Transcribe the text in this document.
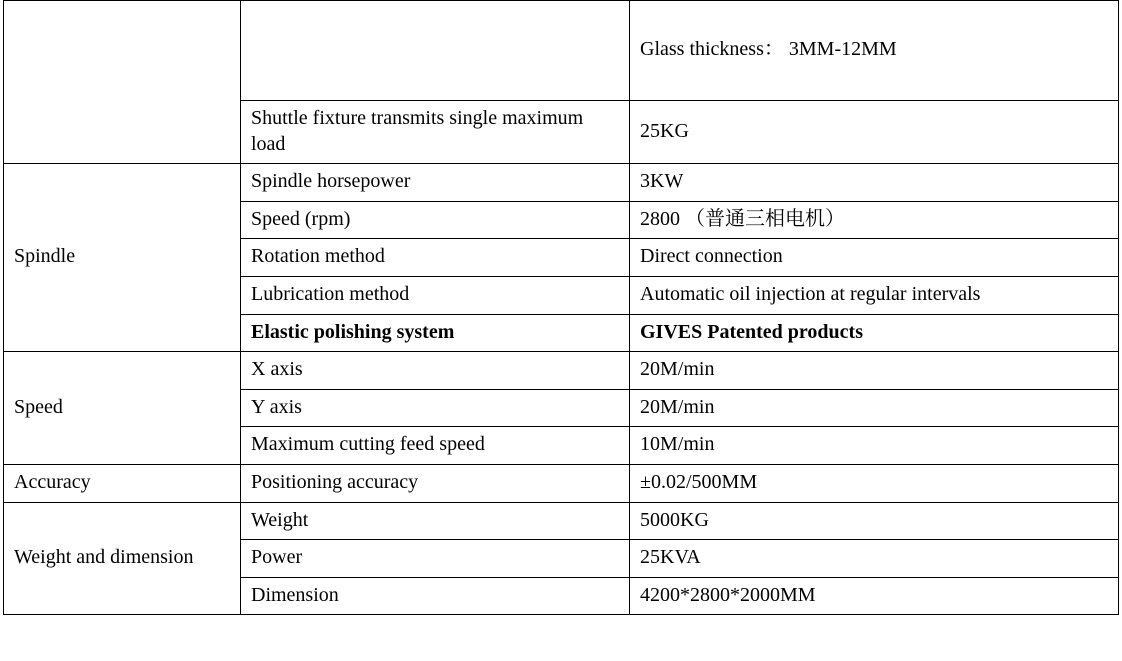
		Glass thickness： 3MM-12MM
	Shuttle fixture transmits single maximum load	25KG
Spindle	Spindle horsepower	3KW
	Speed (rpm)	2800 （普通三相电机）
	Rotation method	Direct connection
	Lubrication method	Automatic oil injection at regular intervals
	Elastic polishing system	GIVES Patented products
Speed	X axis	20M/min
	Y axis	20M/min
	Maximum cutting feed speed	10M/min
Accuracy	Positioning accuracy	±0.02/500MM
Weight and dimension	Weight	5000KG
	Power	25KVA
	Dimension	4200*2800*2000MM
